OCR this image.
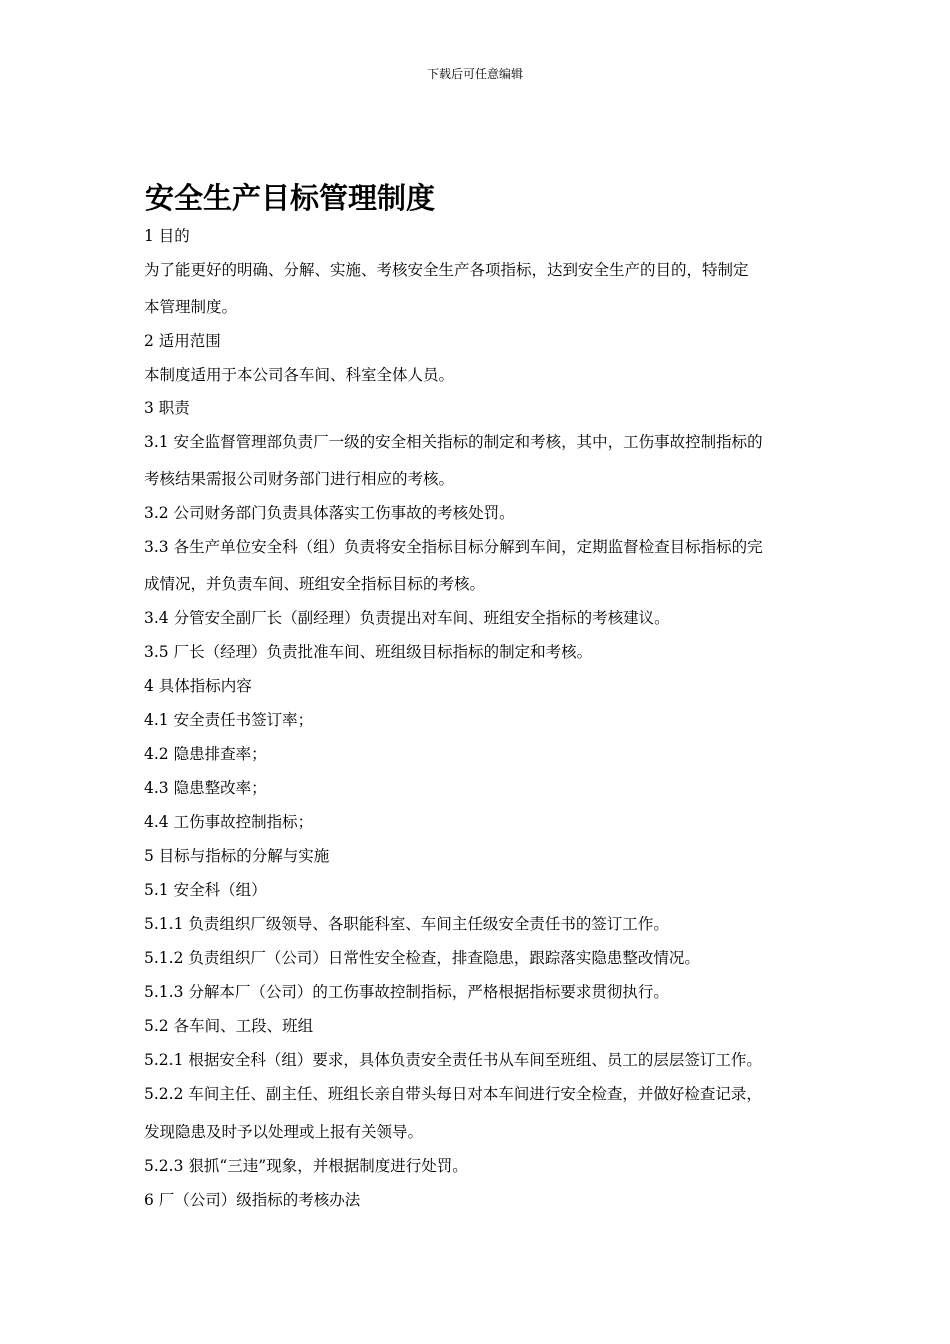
下载后可任意编辑
安全生产目标管理制度

1 目的

为了能更好的明确、分解、实施、考核安全生产各项指标，达到安全生产的目的，特制定

本管理制度。

2 适用范围

本制度适用于本公司各车间、科室全体人员。

3 职责

3.1 安全监督管理部负责厂一级的安全相关指标的制定和考核，其中，工伤事故控制指标的

考核结果需报公司财务部门进行相应的考核。

3.2 公司财务部门负责具体落实工伤事故的考核处罚。

3.3 各生产单位安全科（组）负责将安全指标目标分解到车间，定期监督检查目标指标的完

成情况，并负责车间、班组安全指标目标的考核。

3.4 分管安全副厂长（副经理）负责提出对车间、班组安全指标的考核建议。

3.5 厂长（经理）负责批准车间、班组级目标指标的制定和考核。

4 具体指标内容

4.1 安全责任书签订率；

4.2 隐患排查率；

4.3 隐患整改率；

4.4 工伤事故控制指标；

5 目标与指标的分解与实施

5.1 安全科（组）

5.1.1 负责组织厂级领导、各职能科室、车间主任级安全责任书的签订工作。

5.1.2 负责组织厂（公司）日常性安全检查，排查隐患，跟踪落实隐患整改情况。

5.1.3 分解本厂（公司）的工伤事故控制指标，严格根据指标要求贯彻执行。

5.2 各车间、工段、班组

5.2.1 根据安全科（组）要求，具体负责安全责任书从车间至班组、员工的层层签订工作。

5.2.2 车间主任、副主任、班组长亲自带头每日对本车间进行安全检查，并做好检查记录，

发现隐患及时予以处理或上报有关领导。

5.2.3 狠抓“三违”现象，并根据制度进行处罚。

6 厂（公司）级指标的考核办法
